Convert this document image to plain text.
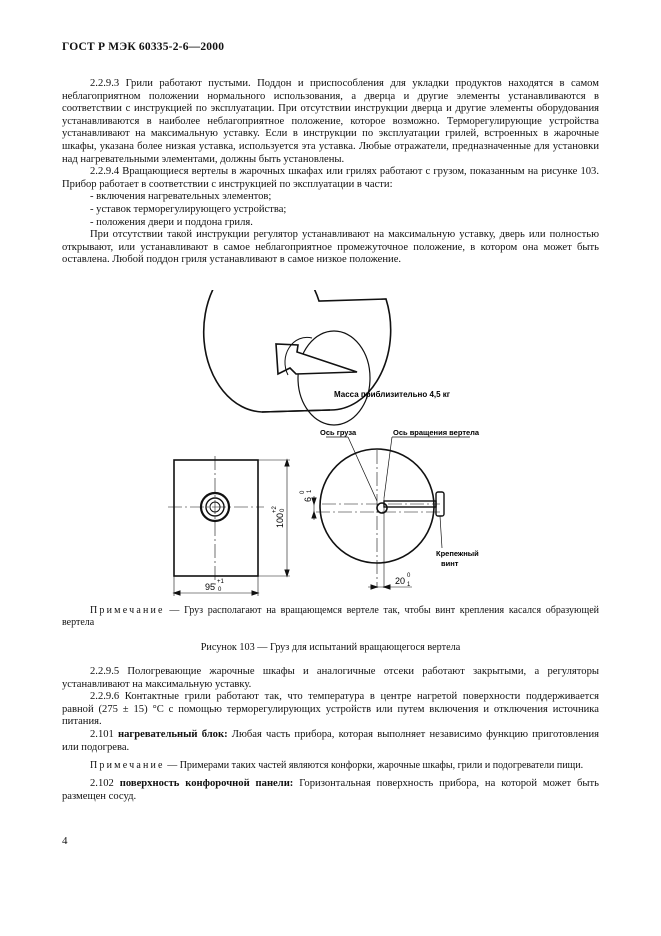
ГОСТ Р МЭК 60335-2-6—2000

2.2.9.3 Грили работают пустыми. Поддон и приспособления для укладки продуктов находятся в самом неблагоприятном положении нормального использования, а дверца и другие элементы устанавливаются в соответствии с инструкцией по эксплуатации. При отсутствии инструкции дверца и другие элементы оборудования устанавливаются в наиболее неблагоприятное положение, которое возможно. Терморегулирующие устройства устанавливают на максимальную уставку. Если в инструкции по эксплуатации грилей, встроенных в жарочные шкафы, указана более низкая уставка, используется эта уставка. Любые отражатели, предназначенные для установки над нагревательными элементами, должны быть установлены.

2.2.9.4 Вращающиеся вертелы в жарочных шкафах или грилях работают с грузом, показанным на рисунке 103. Прибор работает в соответствии с инструкцией по эксплуатации в части:

- включения нагревательных элементов;

- уставок терморегулирующего устройства;

- положения двери и поддона гриля.

При отсутствии такой инструкции регулятор устанавливают на максимальную уставку, дверь или полностью открывают, или устанавливают в самое неблагоприятное промежуточное положение, в котором она может быть оставлена. Любой поддон гриля устанавливают в самое низкое положение.

Масса приблизительно 4,5 кг
95 +1
0
100
+2 0
Ось груза	Ось вращения вертела
Крепежный
винт
6
0 1
20 0
1

Примечание — Груз располагают на вращающемся вертеле так, чтобы винт крепления касался образующей вертела

Рисунок 103 — Груз для испытаний вращающегося вертела

2.2.9.5 Пологревающие жарочные шкафы и аналогичные отсеки работают закрытыми, а регуляторы устанавливают на максимальную уставку.

2.2.9.6 Контактные грили работают так, что температура в центре нагретой поверхности поддерживается равной (275 ± 15) °С с помощью терморегулирующих устройств или путем включения и отключения источника питания.

2.101 нагревательный блок: Любая часть прибора, которая выполняет независимо функцию приготовления или подогрева.

Примечание — Примерами таких частей являются конфорки, жарочные шкафы, грили и подогреватели пищи.

2.102 поверхность конфорочной панели: Горизонтальная поверхность прибора, на которой может быть размещен сосуд.

4
